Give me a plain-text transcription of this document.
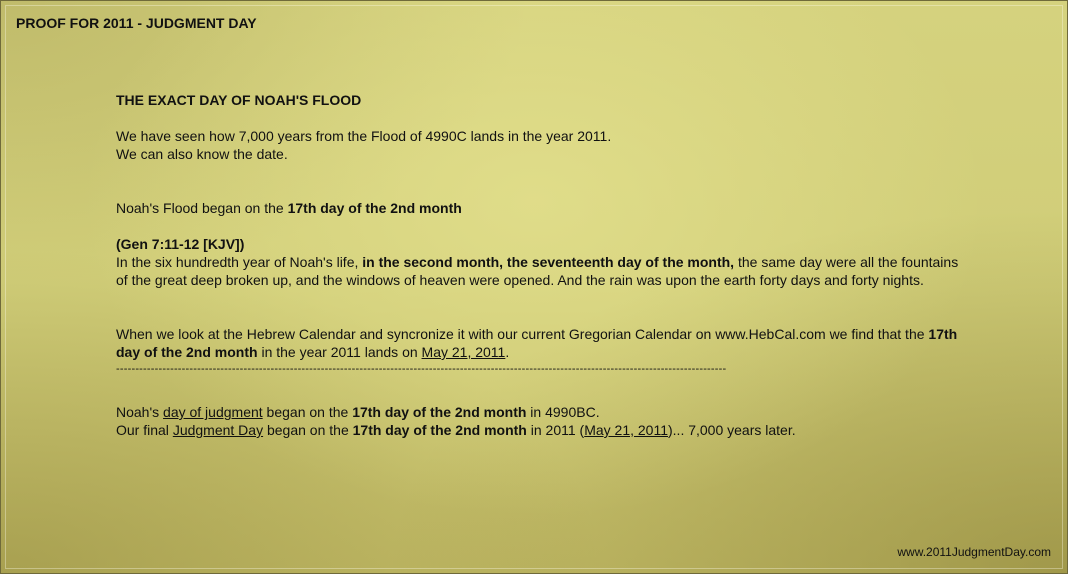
PROOF FOR 2011 - JUDGMENT DAY
THE EXACT DAY OF NOAH'S FLOOD

We have seen how 7,000 years from the Flood of 4990C lands in the year 2011.

We can also know the date.

Noah's Flood began on the 17th day of the 2nd month

(Gen 7:11-12 [KJV])

In the six hundredth year of Noah's life, in the second month, the seventeenth day of the month, the same day were all the fountains of the great deep broken up, and the windows of heaven were opened. And the rain was upon the earth forty days and forty nights.

When we look at the Hebrew Calendar and syncronize it with our current Gregorian Calendar on www.HebCal.com we find that the 17th day of the 2nd month in the year 2011 lands on May 21, 2011.

--------------------------------------------------------------------------------------------------------------------------------------------------------------

Noah's day of judgment began on the 17th day of the 2nd month in 4990BC.

Our final Judgment Day began on the 17th day of the 2nd month in 2011 (May 21, 2011)... 7,000 years later.

www.2011JudgmentDay.com
